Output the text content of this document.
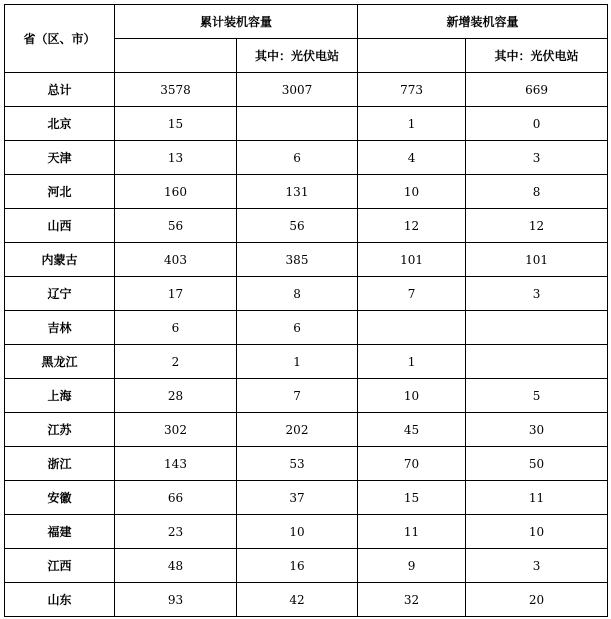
省（区、市）	累计装机容量		新增装机容量	
		其中：光伏电站		其中：光伏电站
总计	3578	3007	773	669
北京	15		1	0
天津	13	6	4	3
河北	160	131	10	8
山西	56	56	12	12
内蒙古	403	385	101	101
辽宁	17	8	7	3
吉林	6	6		
黑龙江	2	1	1	
上海	28	7	10	5
江苏	302	202	45	30
浙江	143	53	70	50
安徽	66	37	15	11
福建	23	10	11	10
江西	48	16	9	3
山东	93	42	32	20
